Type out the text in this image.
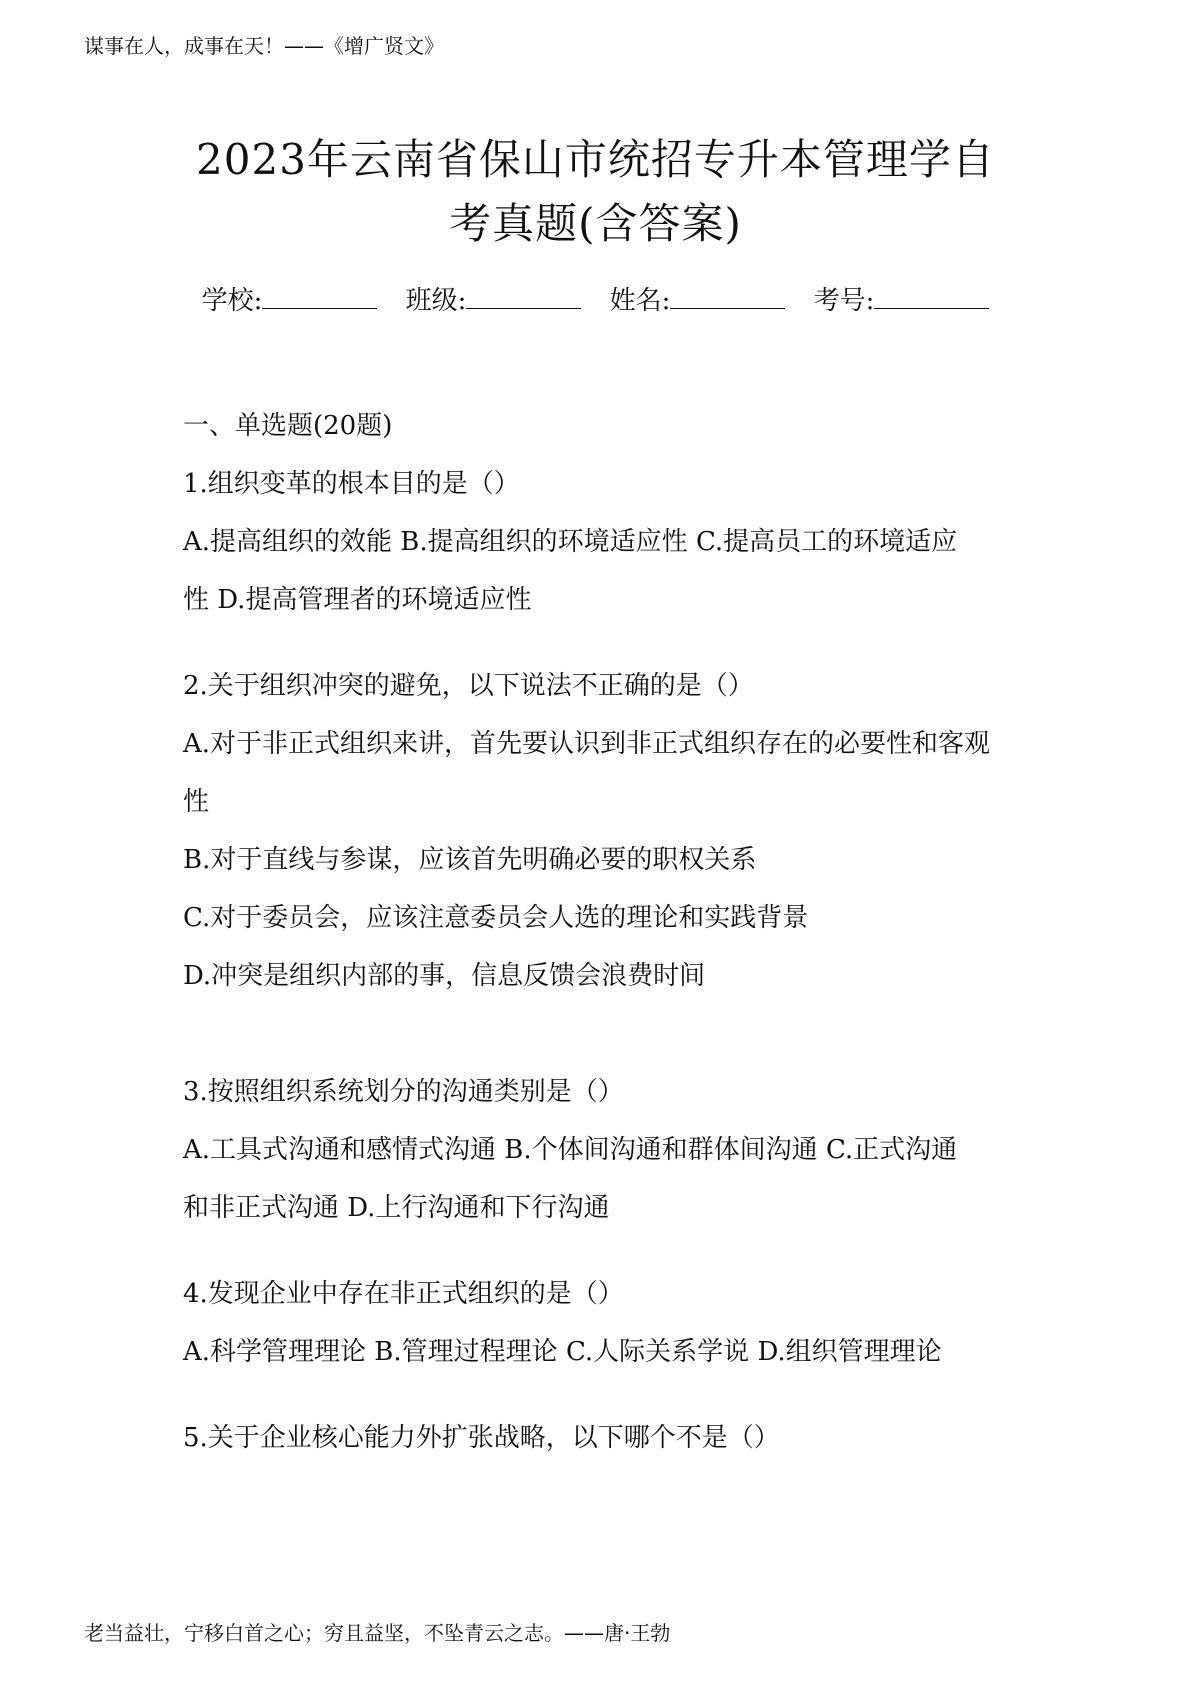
谋事在人，成事在天！——《增广贤文》
2023年云南省保山市统招专升本管理学自
考真题(含答案)
学校:	班级:	姓名:	考号:
一、单选题(20题)
1.组织变革的根本目的是（）
A.提高组织的效能 B.提高组织的环境适应性 C.提高员工的环境适应
性 D.提高管理者的环境适应性
2.关于组织冲突的避免，以下说法不正确的是（）
A.对于非正式组织来讲，首先要认识到非正式组织存在的必要性和客观
性
B.对于直线与参谋，应该首先明确必要的职权关系
C.对于委员会，应该注意委员会人选的理论和实践背景
D.冲突是组织内部的事，信息反馈会浪费时间
3.按照组织系统划分的沟通类别是（）
A.工具式沟通和感情式沟通 B.个体间沟通和群体间沟通 C.正式沟通
和非正式沟通 D.上行沟通和下行沟通
4.发现企业中存在非正式组织的是（）
A.科学管理理论 B.管理过程理论 C.人际关系学说 D.组织管理理论
5.关于企业核心能力外扩张战略，以下哪个不是（）
老当益壮，宁移白首之心；穷且益坚，不坠青云之志。——唐·王勃
